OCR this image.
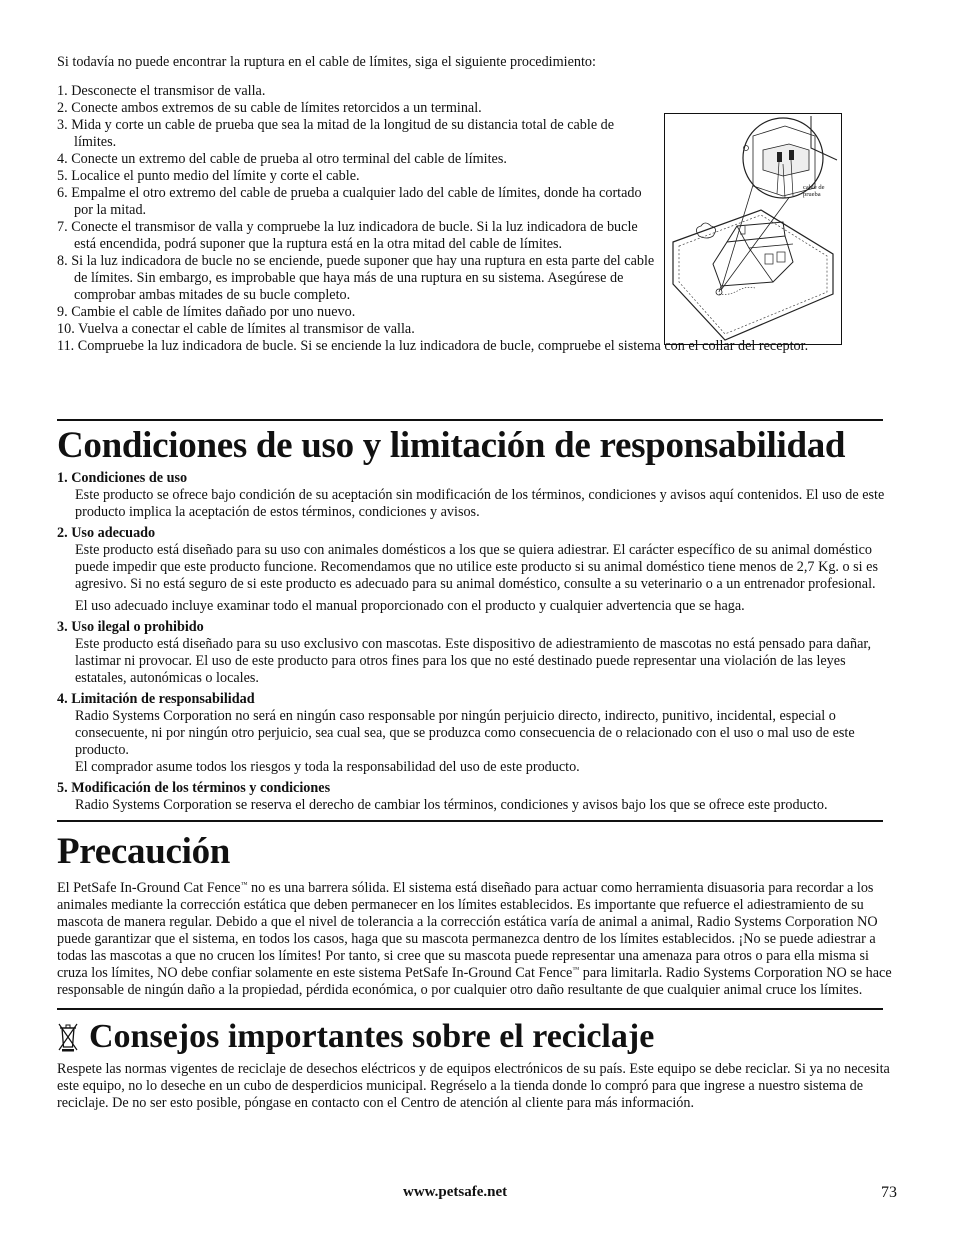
Si todavía no puede encontrar la ruptura en el cable de límites, siga el siguiente procedimiento:

1. Desconecte el transmisor de valla.
2. Conecte ambos extremos de su cable de límites retorcidos a un terminal.
3. Mida y corte un cable de prueba que sea la mitad de la longitud de su distancia total de cable de límites.
4. Conecte un extremo del cable de prueba al otro terminal del cable de límites.
5. Localice el punto medio del límite y corte el cable.
6. Empalme el otro extremo del cable de prueba a cualquier lado del cable de límites, donde ha cortado por la mitad.
7. Conecte el transmisor de valla y compruebe la luz indicadora de bucle. Si la luz indicadora de bucle está encendida, podrá suponer que la ruptura está en la otra mitad del cable de límites.
8. Si la luz indicadora de bucle no se enciende, puede suponer que hay una ruptura en esta parte del cable de límites. Sin embargo, es improbable que haya más de una ruptura en su sistema. Asegúrese de comprobar ambas mitades de su bucle completo.
9. Cambie el cable de límites dañado por uno nuevo.
10. Vuelva a conectar el cable de límites al transmisor de valla.
11. Compruebe la luz indicadora de bucle. Si se enciende la luz indicadora de bucle, compruebe el sistema con el collar del receptor.
cable de prueba
Condiciones de uso y limitación de responsabilidad
1. Condiciones de uso

Este producto se ofrece bajo condición de su aceptación sin modificación de los términos, condiciones y avisos aquí contenidos. El uso de este producto implica la aceptación de estos términos, condiciones y avisos.

2. Uso adecuado

Este producto está diseñado para su uso con animales domésticos a los que se quiera adiestrar. El carácter específico de su animal doméstico puede impedir que este producto funcione. Recomendamos que no utilice este producto si su animal doméstico tiene menos de 2,7 Kg. o si es agresivo. Si no está seguro de si este producto es adecuado para su animal doméstico, consulte a su veterinario o a un entrenador profesional.

El uso adecuado incluye examinar todo el manual proporcionado con el producto y cualquier advertencia que se haga.

3. Uso ilegal o prohibido

Este producto está diseñado para su uso exclusivo con mascotas. Este dispositivo de adiestramiento de mascotas no está pensado para dañar, lastimar ni provocar. El uso de este producto para otros fines para los que no esté destinado puede representar una violación de las leyes estatales, autonómicas o locales.

4. Limitación de responsabilidad

Radio Systems Corporation no será en ningún caso responsable por ningún perjuicio directo, indirecto, punitivo, incidental, especial o consecuente, ni por ningún otro perjuicio, sea cual sea, que se produzca como consecuencia de o relacionado con el uso o mal uso de este producto.

El comprador asume todos los riesgos y toda la responsabilidad del uso de este producto.

5. Modificación de los términos y condiciones

Radio Systems Corporation se reserva el derecho de cambiar los términos, condiciones y avisos bajo los que se ofrece este producto.

Precaución

El PetSafe In-Ground Cat Fence™ no es una barrera sólida. El sistema está diseñado para actuar como herramienta disuasoria para recordar a los animales mediante la corrección estática que deben permanecer en los límites establecidos. Es importante que refuerce el adiestramiento de su mascota de manera regular. Debido a que el nivel de tolerancia a la corrección estática varía de animal a animal, Radio Systems Corporation NO puede garantizar que el sistema, en todos los casos, haga que su mascota permanezca dentro de los límites establecidos. ¡No se puede adiestrar a todas las mascotas a que no crucen los límites! Por tanto, si cree que su mascota puede representar una amenaza para otros o para ella misma si cruza los límites, NO debe confiar solamente en este sistema PetSafe In-Ground Cat Fence™ para limitarla. Radio Systems Corporation NO se hace responsable de ningún daño a la propiedad, pérdida económica, o por cualquier otro daño resultante de que cualquier animal cruce los límites.

Consejos importantes sobre el reciclaje

Respete las normas vigentes de reciclaje de desechos eléctricos y de equipos electrónicos de su país. Este equipo se debe reciclar. Si ya no necesita este equipo, no lo deseche en un cubo de desperdicios municipal. Regréselo a la tienda donde lo compró para que ingrese a nuestro sistema de reciclaje. De no ser esto posible, póngase en contacto con el Centro de atención al cliente para más información.

www.petsafe.net	73
